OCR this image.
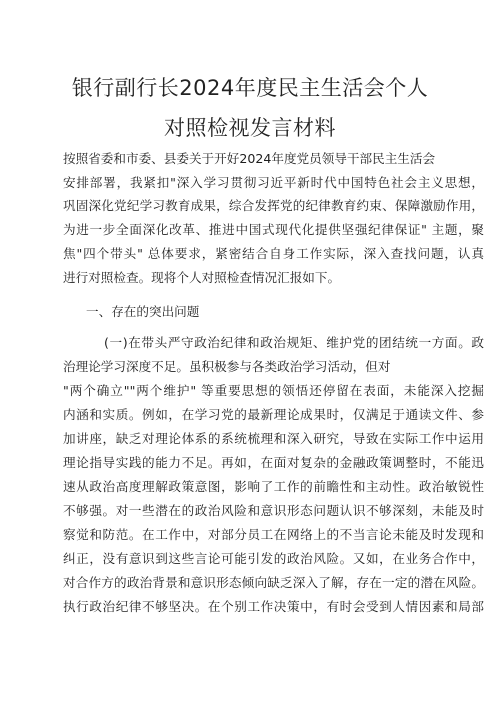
银行副行长2024年度民主生活会个人
对照检视发言材料
按照省委和市委、县委关于开好2024年度党员领导干部民主生活会
安排部署，我紧扣"深入学习贯彻习近平新时代中国特色社会主义思想，
巩固深化党纪学习教育成果，综合发挥党的纪律教育约束、保障激励作用，
为进一步全面深化改革、推进中国式现代化提供坚强纪律保证" 主题，聚
焦"四个带头" 总体要求，紧密结合自身工作实际，深入查找问题，认真
进行对照检查。现将个人对照检查情况汇报如下。
一、存在的突出问题
(一)在带头严守政治纪律和政治规矩、维护党的团结统一方面。政
治理论学习深度不足。虽积极参与各类政治学习活动，但对
"两个确立""两个维护" 等重要思想的领悟还停留在表面，未能深入挖掘
内涵和实质。例如，在学习党的最新理论成果时，仅满足于通读文件、参
加讲座，缺乏对理论体系的系统梳理和深入研究，导致在实际工作中运用
理论指导实践的能力不足。再如，在面对复杂的金融政策调整时，不能迅
速从政治高度理解政策意图，影响了工作的前瞻性和主动性。政治敏锐性
不够强。对一些潜在的政治风险和意识形态问题认识不够深刻，未能及时
察觉和防范。在工作中，对部分员工在网络上的不当言论未能及时发现和
纠正，没有意识到这些言论可能引发的政治风险。又如，在业务合作中，
对合作方的政治背景和意识形态倾向缺乏深入了解，存在一定的潜在风险。
执行政治纪律不够坚决。在个别工作决策中，有时会受到人情因素和局部
